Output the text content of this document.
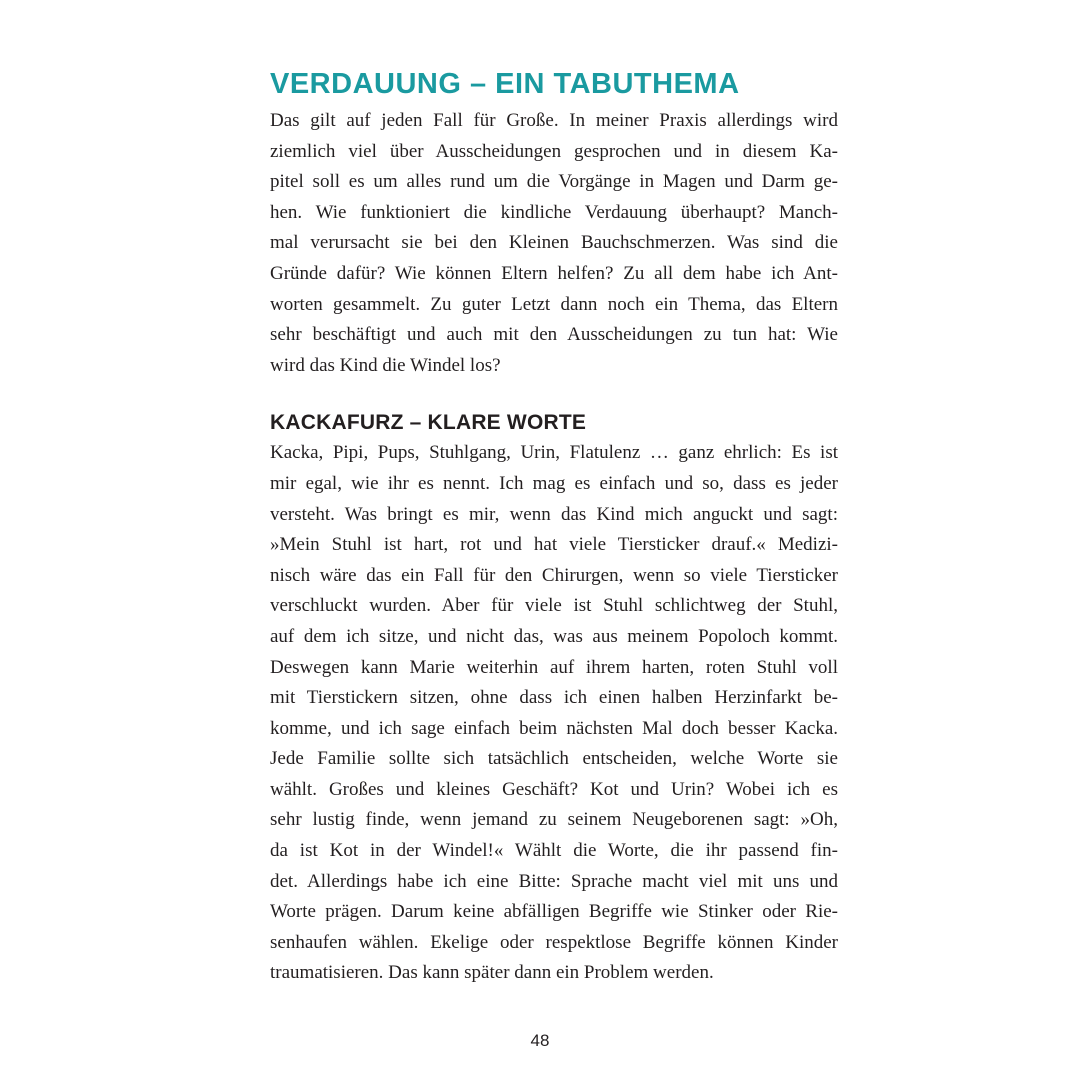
VERDAUUNG – EIN TABUTHEMA
Das gilt auf jeden Fall für Große. In meiner Praxis allerdings wird
ziemlich viel über Ausscheidungen gesprochen und in diesem Ka-
pitel soll es um alles rund um die Vorgänge in Magen und Darm ge-
hen. Wie funktioniert die kindliche Verdauung überhaupt? Manch-
mal verursacht sie bei den Kleinen Bauchschmerzen. Was sind die
Gründe dafür? Wie können Eltern helfen? Zu all dem habe ich Ant-
worten gesammelt. Zu guter Letzt dann noch ein Thema, das Eltern
sehr beschäftigt und auch mit den Ausscheidungen zu tun hat: Wie
wird das Kind die Windel los?
KACKAFURZ – KLARE WORTE
Kacka, Pipi, Pups, Stuhlgang, Urin, Flatulenz … ganz ehrlich: Es ist
mir egal, wie ihr es nennt. Ich mag es einfach und so, dass es jeder
versteht. Was bringt es mir, wenn das Kind mich anguckt und sagt:
»Mein Stuhl ist hart, rot und hat viele Tiersticker drauf.« Medizi-
nisch wäre das ein Fall für den Chirurgen, wenn so viele Tiersticker
verschluckt wurden. Aber für viele ist Stuhl schlichtweg der Stuhl,
auf dem ich sitze, und nicht das, was aus meinem Popoloch kommt.
Deswegen kann Marie weiterhin auf ihrem harten, roten Stuhl voll
mit Tierstickern sitzen, ohne dass ich einen halben Herzinfarkt be-
komme, und ich sage einfach beim nächsten Mal doch besser Kacka.
Jede Familie sollte sich tatsächlich entscheiden, welche Worte sie
wählt. Großes und kleines Geschäft? Kot und Urin? Wobei ich es
sehr lustig finde, wenn jemand zu seinem Neugeborenen sagt: »Oh,
da ist Kot in der Windel!« Wählt die Worte, die ihr passend fin-
det. Allerdings habe ich eine Bitte: Sprache macht viel mit uns und
Worte prägen. Darum keine abfälligen Begriffe wie Stinker oder Rie-
senhaufen wählen. Ekelige oder respektlose Begriffe können Kinder
traumatisieren. Das kann später dann ein Problem werden.
48
